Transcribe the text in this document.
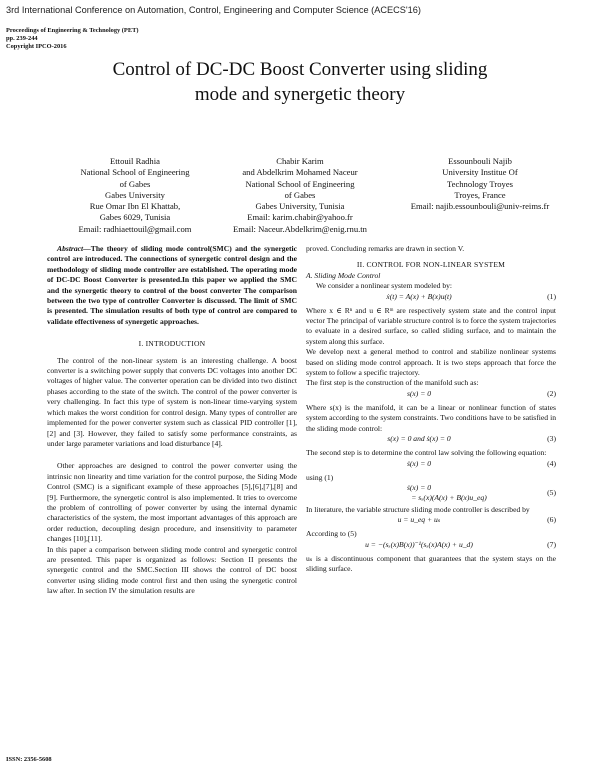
3rd International Conference on Automation, Control, Engineering and Computer Science (ACECS'16)
Proceedings of Engineering & Technology (PET)
pp. 239-244
Copyright IPCO-2016
Control of DC-DC Boost Converter using sliding
mode and synergetic theory
Ettouil Radhia
National School of Engineering
of Gabes
Gabes University
Rue Omar Ibn El Khattab,
Gabes 6029, Tunisia
Email: radhiaettouil@gmail.com
Chabir Karim
and Abdelkrim Mohamed Naceur
National School of Engineering
of Gabes
Gabes University, Tunisia
Email: karim.chabir@yahoo.fr
Email: Naceur.Abdelkrim@enig.rnu.tn
Essounbouli Najib
University Institue Of
Technology Troyes
Troyes, France
Email: najib.essounbouli@univ-reims.fr

Abstract—The theory of sliding mode control(SMC) and the synergetic control are introduced. The connections of synergetic control design and the methodology of sliding mode controller are established. The operating mode of DC-DC Boost Converter is presented.In this paper we applied the SMC and the synergetic theory to control of the boost converter The comparison between the two type of controller Converter is discussed. The limit of SMC is presented. The simulation results of both type of control are compared to validate effectiveness of synergetic approaches.

I. INTRODUCTION

The control of the non-linear system is an interesting challenge. A boost converter is a switching power supply that converts DC voltages into another DC voltages of higher value. The converter operation can be divided into two distinct phases according to the state of the switch. The control of the power converter is very challenging. In fact this type of system is non-linear time-varying system which makes the worst condition for control design. Many types of controller are implemented for the power converter system such as classical PID controller [1],[2] and [3]. However, they failed to satisfy some performance constraints, as under large parameter variations and load disturbance [4].

Other approaches are designed to control the power converter using the intrinsic non linearity and time variation for the control purpose, the Siding Mode Control (SMC) is a significant example of these approaches [5],[6],[7],[8] and [9]. Furthermore, the synergetic control is also implemented. It tries to overcome the problem of controlling of power converter by using the internal dynamic characteristics of the system, the most important advantages of this approach are order reduction, decoupling design procedure, and insensitivity to parameter changes [10],[11].

In this paper a comparison between sliding mode control and synergetic control are presented. This paper is organized as follows: Section II presents the synergetic control and the SMC.Section III shows the control of DC boost converter using sliding mode control first and then using the synergetic control law after. In section IV the simulation results are

proved. Concluding remarks are drawn in section V.

II. CONTROL FOR NON-LINEAR SYSTEM
A. Sliding Mode Control

We consider a nonlinear system modeled by:

ẋ(t) = A(x) + B(x)u(t)	(1)

Where x ∈ Rⁿ and u ∈ Rᵐ are respectively system state and the control input vector The principal of variable structure control is to force the system trajectories to evaluate in a desired surface, so called sliding surface, and to maintain the system along this surface.

We develop next a general method to control and stabilize nonlinear systems based on sliding mode control approach. It is two steps approach that force the system to follow a specific trajectory.

The first step is the construction of the manifold such as:

s(x) = 0	(2)

Where s(x) is the manifold, it can be a linear or nonlinear function of states system according to the system constraints. Two conditions have to be satisfied in the sliding mode control:

s(x) = 0 and ṡ(x) = 0	(3)

The second step is to determine the control law solving the following equation:

ṡ(x) = 0	(4)

using (1)

ṡ(x) = 0
= sₓ(x)(A(x) + B(x)u_eq)
(5)

In literature, the variable structure sliding mode controller is described by

u = u_eq + uₛ	(6)

According to (5)

u = −(sₓ(x)B(x))⁻¹(sₓ(x)A(x) + u_d)	(7)

uₛ is a discontinuous component that guarantees that the system stays on the sliding surface.

ISSN: 2356-5608
